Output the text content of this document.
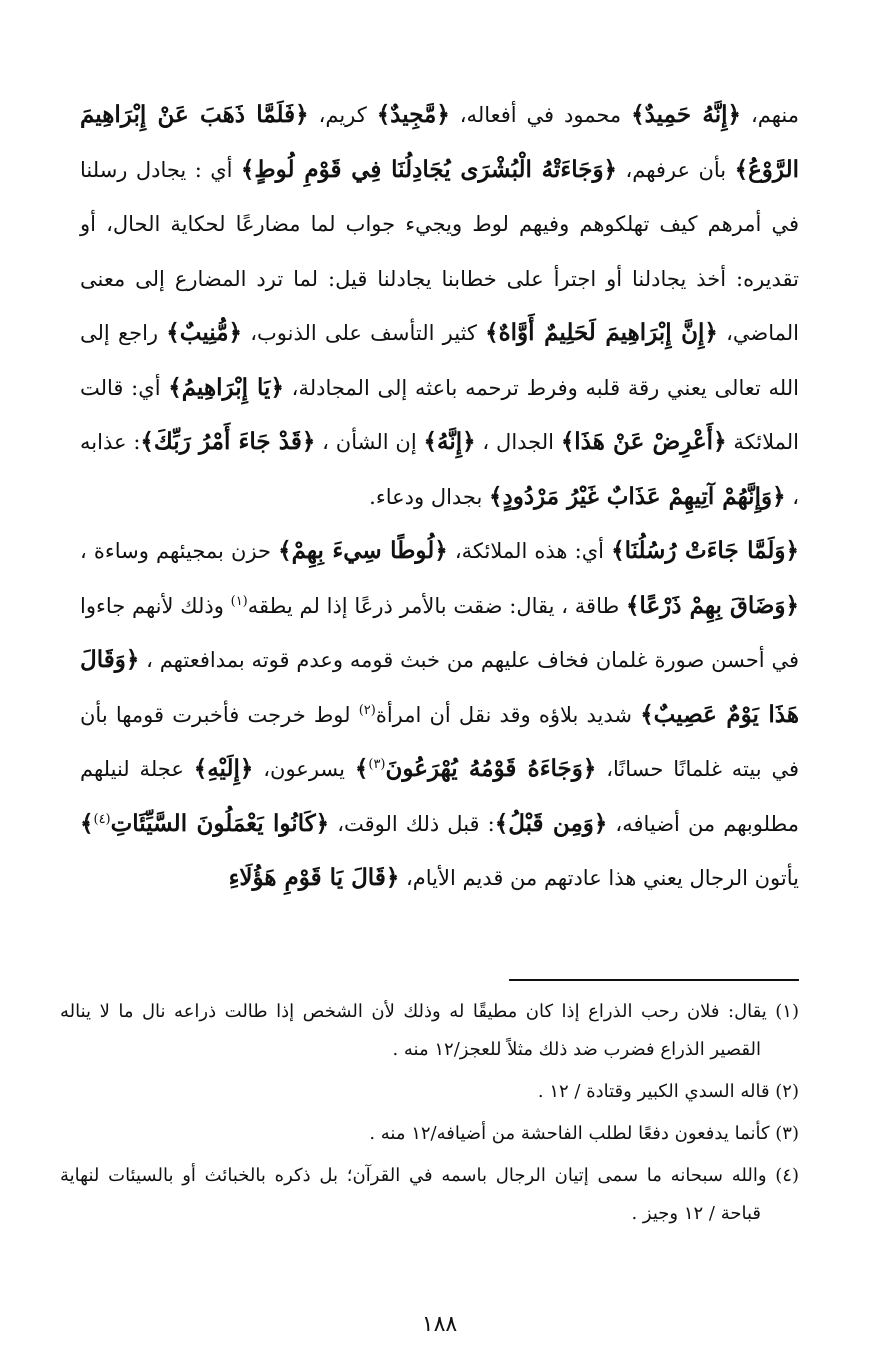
منهم، ﴿إِنَّهُ حَمِيدٌ﴾ محمود في أفعاله، ﴿مَّجِيدٌ﴾ كريم، ﴿فَلَمَّا ذَهَبَ عَنْ إِبْرَاهِيمَ الرَّوْعُ﴾ بأن عرفهم، ﴿وَجَاءَتْهُ الْبُشْرَى يُجَادِلُنَا فِي قَوْمِ لُوطٍ﴾ أي : يجادل رسلنا في أمرهم كيف تهلكوهم وفيهم لوط ويجيء جواب لما مضارعًا لحكاية الحال، أو تقديره: أخذ يجادلنا أو اجترأ على خطابنا يجادلنا قيل: لما ترد المضارع إلى معنى الماضي، ﴿إِنَّ إِبْرَاهِيمَ لَحَلِيمٌ أَوَّاهٌ﴾ كثير التأسف على الذنوب، ﴿مُّنِيبٌ﴾ راجع إلى الله تعالى يعني رقة قلبه وفرط ترحمه باعثه إلى المجادلة، ﴿يَا إِبْرَاهِيمُ﴾ أي: قالت الملائكة ﴿أَعْرِضْ عَنْ هَذَا﴾ الجدال ، ﴿إِنَّهُ﴾ إن الشأن ، ﴿قَدْ جَاءَ أَمْرُ رَبِّكَ﴾: عذابه ، ﴿وَإِنَّهُمْ آتِيهِمْ عَذَابٌ غَيْرُ مَرْدُودٍ﴾ بجدال ودعاء.

﴿وَلَمَّا جَاءَتْ رُسُلُنَا﴾ أي: هذه الملائكة، ﴿لُوطًا سِيءَ بِهِمْ﴾ حزن بمجيئهم وساءة ، ﴿وَضَاقَ بِهِمْ ذَرْعًا﴾ طاقة ، يقال: ضقت بالأمر ذرعًا إذا لم يطقه$^{(١)}$ وذلك لأنهم جاءوا في أحسن صورة غلمان فخاف عليهم من خبث قومه وعدم قوته بمدافعتهم ، ﴿وَقَالَ هَذَا يَوْمٌ عَصِيبٌ﴾ شديد بلاؤه وقد نقل أن امرأة$^{(٢)}$ لوط خرجت فأخبرت قومها بأن في بيته غلمانًا حسانًا، ﴿وَجَاءَهُ قَوْمُهُ يُهْرَعُونَ$^{(٣)}$﴾ يسرعون، ﴿إِلَيْهِ﴾ عجلة لنيلهم مطلوبهم من أضيافه، ﴿وَمِن قَبْلُ﴾: قبل ذلك الوقت، ﴿كَانُوا يَعْمَلُونَ السَّيِّئَاتِ$^{(٤)}$﴾ يأتون الرجال يعني هذا عادتهم من قديم الأيام، ﴿قَالَ يَا قَوْمِ هَؤُلَاءِ

(١) يقال: فلان رحب الذراع إذا كان مطيقًا له وذلك لأن الشخص إذا طالت ذراعه نال ما لا يناله القصير الذراع فضرب ضد ذلك مثلاً للعجز/١٢ منه .

(٢) قاله السدي الكبير وقتادة / ١٢ .

(٣) كأنما يدفعون دفعًا لطلب الفاحشة من أضيافه/١٢ منه .

(٤) والله سبحانه ما سمى إتيان الرجال باسمه في القرآن؛ بل ذكره بالخبائث أو بالسيئات لنهاية قباحة / ١٢ وجيز .

١٨٨
